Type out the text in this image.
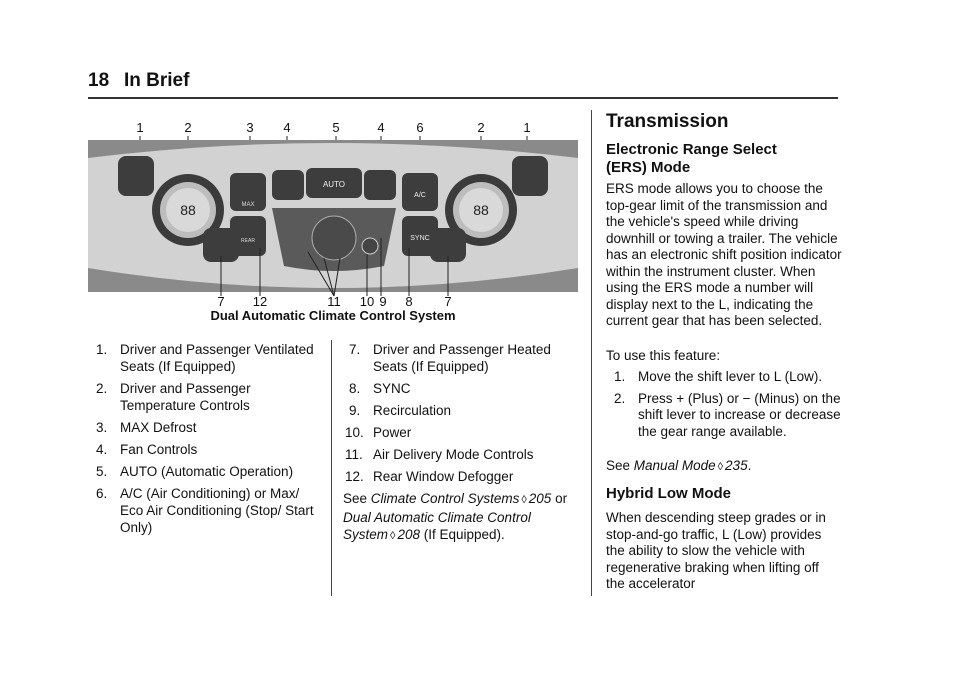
18 In Brief
1	2	3 4	5	4 6	2	1
88	88
MAX
AUTO
A/C
REAR	SYNC
7 12	11 10 9 8 7
Dual Automatic Climate Control System
1. Driver and Passenger Ventilated Seats (If Equipped)
2. Driver and Passenger Temperature Controls
3. MAX Defrost
4. Fan Controls
5. AUTO (Automatic Operation)
6. A/C (Air Conditioning) or Max/ Eco Air Conditioning (Stop/ Start Only)
7. Driver and Passenger Heated Seats (If Equipped)
8. SYNC
9. Recirculation
10. Power
11. Air Delivery Mode Controls
12. Rear Window Defogger
See Climate Control Systems ◊ 205 or Dual Automatic Climate Control System ◊ 208 (If Equipped).
Transmission
Electronic Range Select (ERS) Mode
ERS mode allows you to choose the top-gear limit of the transmission and the vehicle's speed while driving downhill or towing a trailer. The vehicle has an electronic shift position indicator within the instrument cluster. When using the ERS mode a number will display next to the L, indicating the current gear that has been selected.
To use this feature:
1. Move the shift lever to L (Low).
2. Press + (Plus) or − (Minus) on the shift lever to increase or decrease the gear range available.
See Manual Mode ◊ 235.
Hybrid Low Mode
When descending steep grades or in stop-and-go traffic, L (Low) provides the ability to slow the vehicle with regenerative braking when lifting off the accelerator
